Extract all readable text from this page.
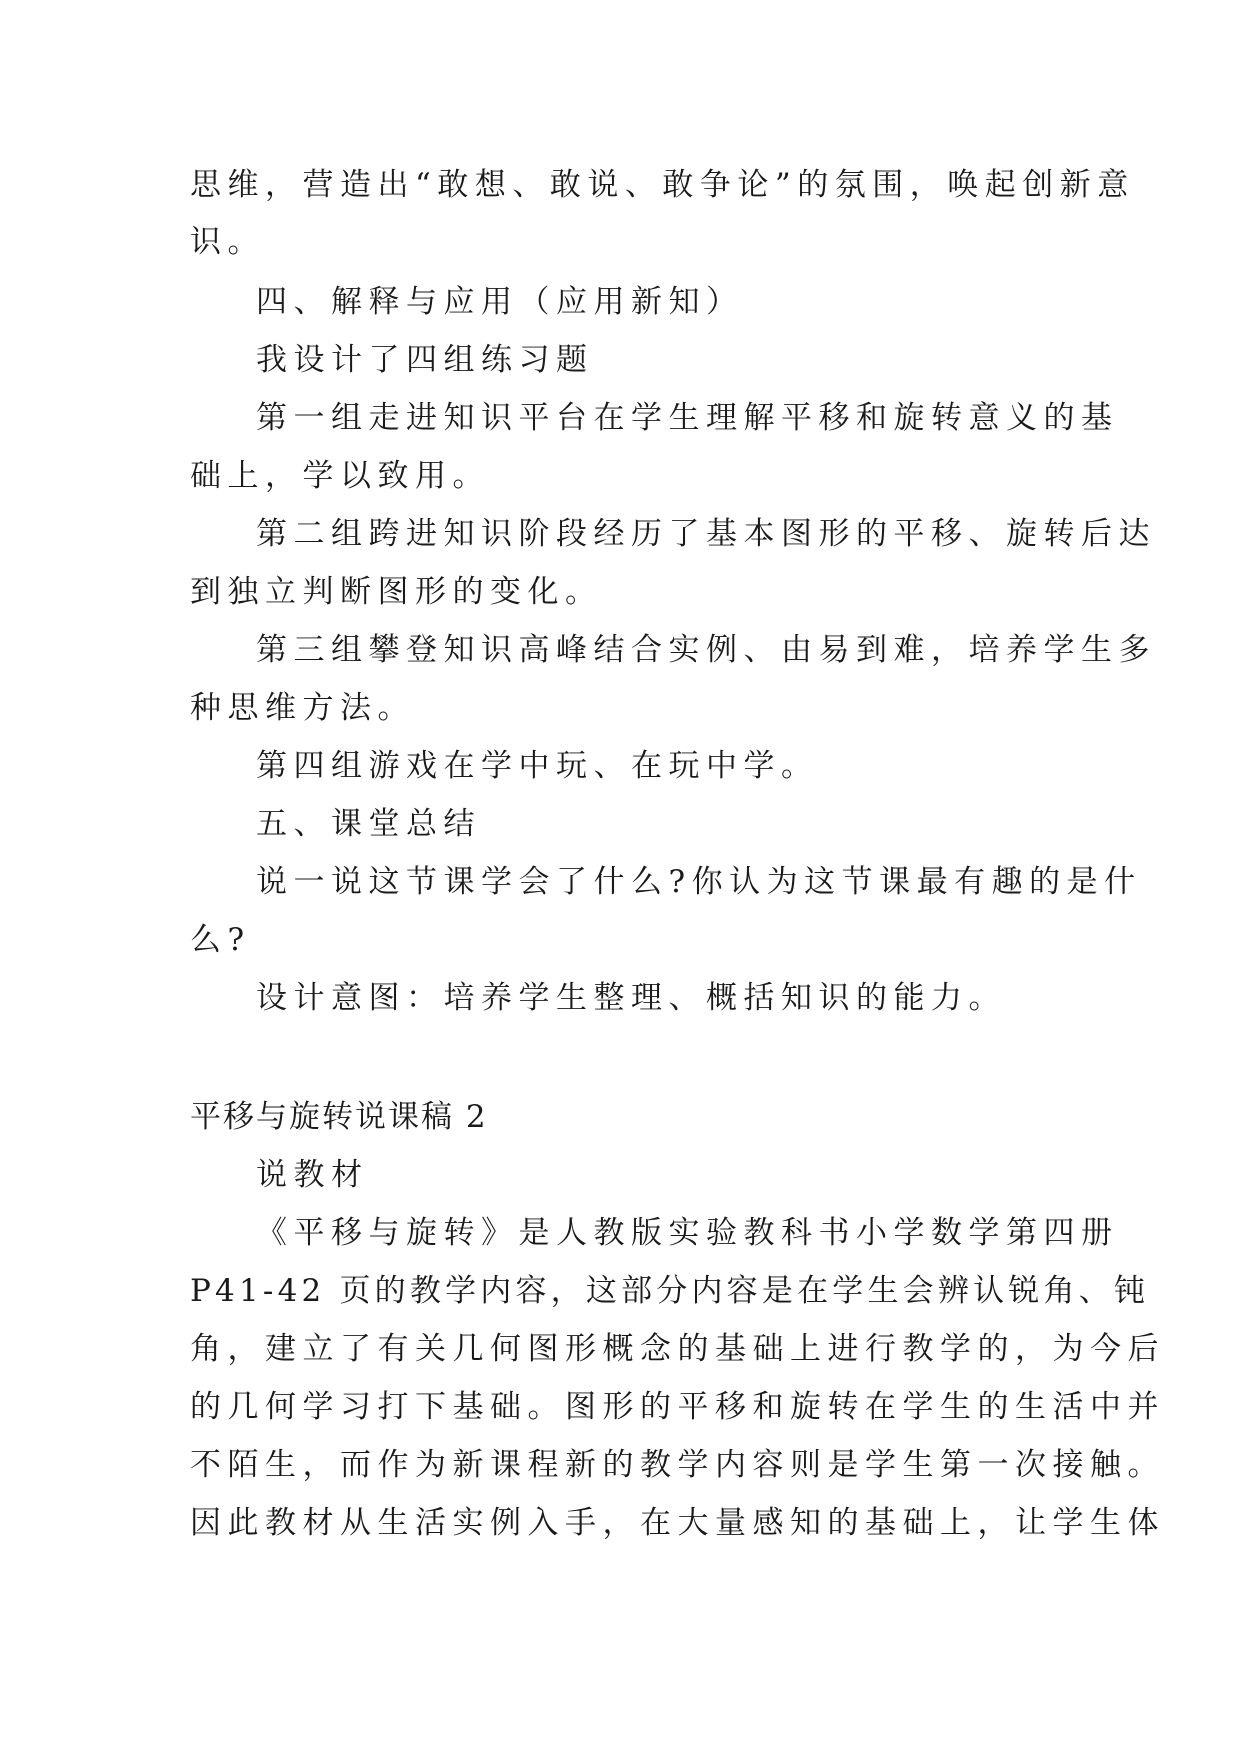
思维，营造出“敢想、敢说、敢争论”的氛围，唤起创新意
识。
四、解释与应用（应用新知）
我设计了四组练习题
第一组走进知识平台在学生理解平移和旋转意义的基
础上，学以致用。
第二组跨进知识阶段经历了基本图形的平移、旋转后达
到独立判断图形的变化。
第三组攀登知识高峰结合实例、由易到难，培养学生多
种思维方法。
第四组游戏在学中玩、在玩中学。
五、课堂总结
说一说这节课学会了什么?你认为这节课最有趣的是什
么?
设计意图：培养学生整理、概括知识的能力。
平移与旋转说课稿 2
说教材
《平移与旋转》是人教版实验教科书小学数学第四册
P41-42 页的教学内容，这部分内容是在学生会辨认锐角、钝
角，建立了有关几何图形概念的基础上进行教学的，为今后
的几何学习打下基础。图形的平移和旋转在学生的生活中并
不陌生，而作为新课程新的教学内容则是学生第一次接触。
因此教材从生活实例入手，在大量感知的基础上，让学生体
